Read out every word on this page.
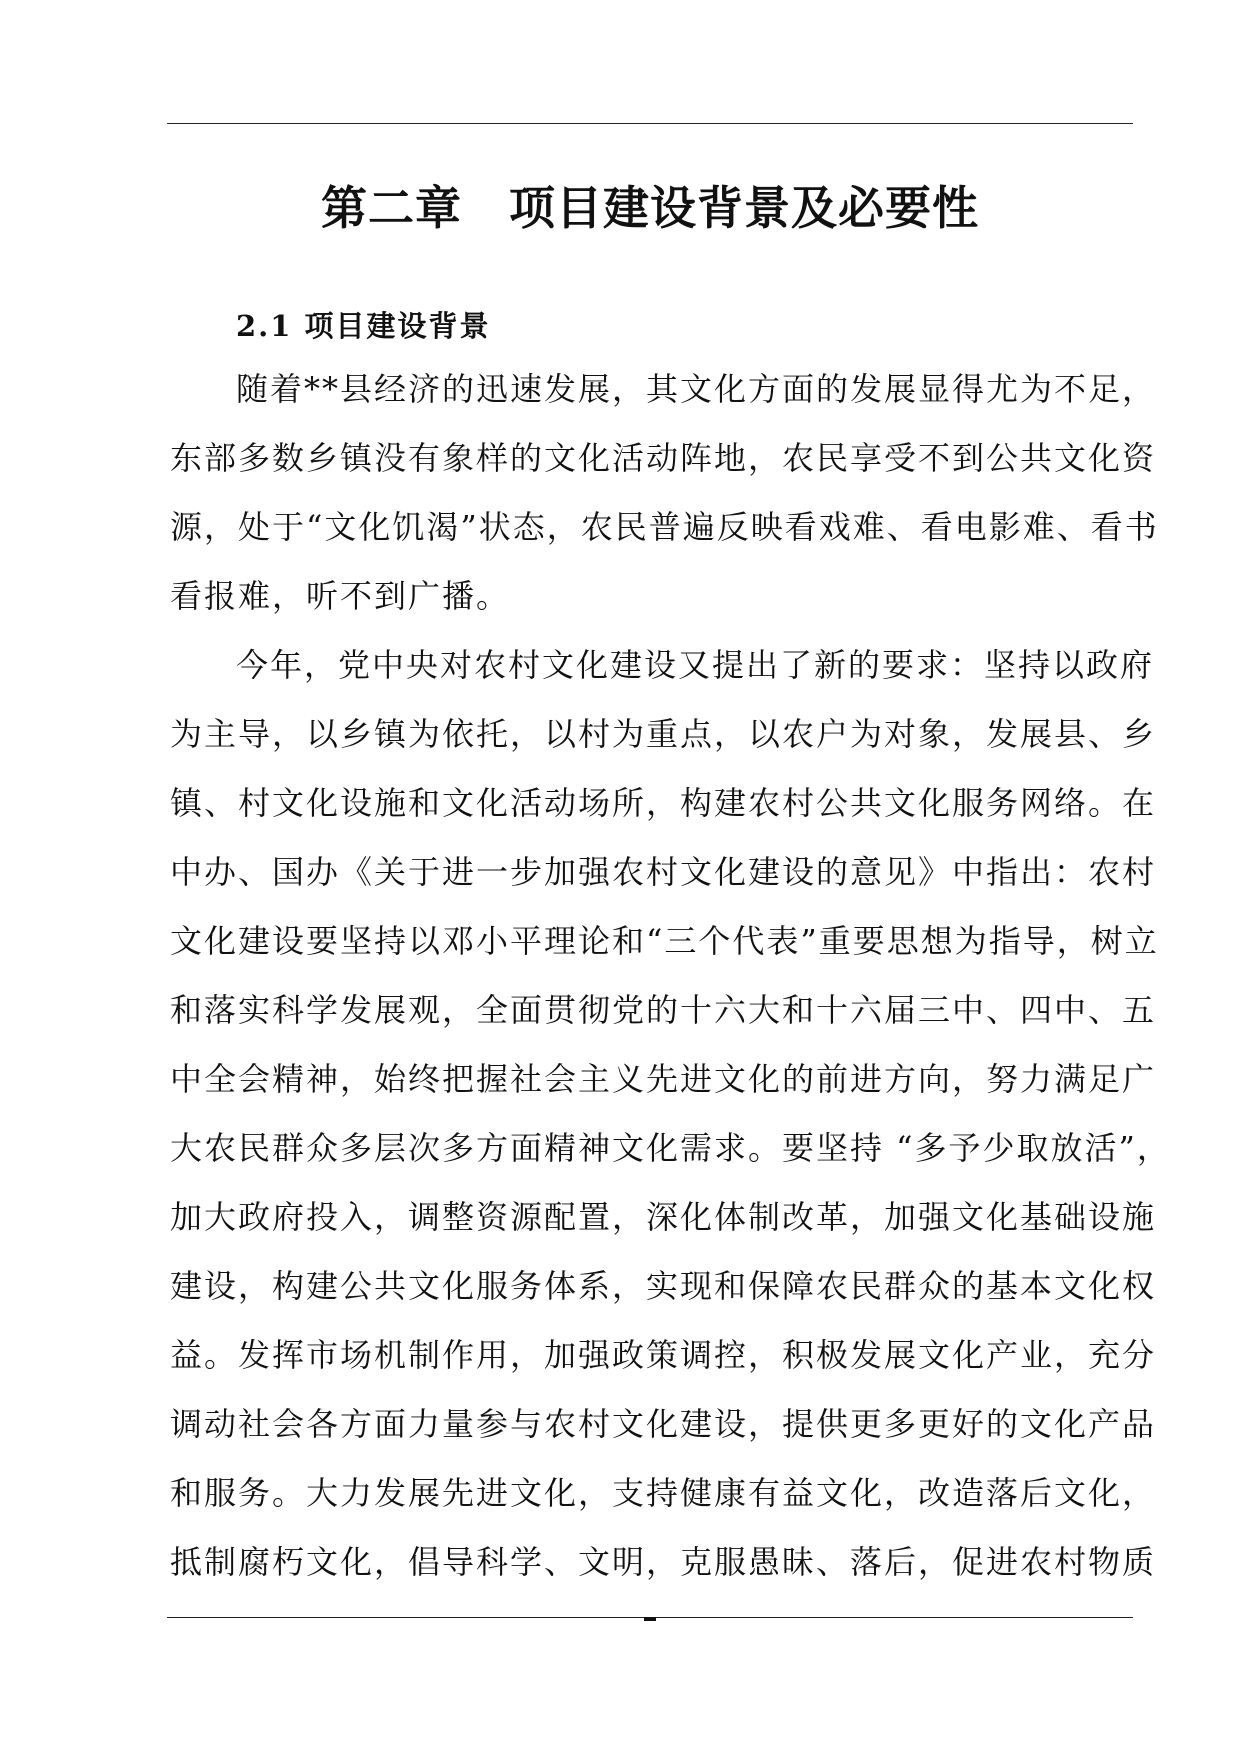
第二章　项目建设背景及必要性
2.1 项目建设背景
随着**县经济的迅速发展，其文化方面的发展显得尤为不足，
东部多数乡镇没有象样的文化活动阵地，农民享受不到公共文化资
源，处于“文化饥渴”状态，农民普遍反映看戏难、看电影难、看书
看报难，听不到广播。
今年，党中央对农村文化建设又提出了新的要求：坚持以政府
为主导，以乡镇为依托，以村为重点，以农户为对象，发展县、乡
镇、村文化设施和文化活动场所，构建农村公共文化服务网络。在
中办、国办《关于进一步加强农村文化建设的意见》中指出：农村
文化建设要坚持以邓小平理论和“三个代表”重要思想为指导，树立
和落实科学发展观，全面贯彻党的十六大和十六届三中、四中、五
中全会精神，始终把握社会主义先进文化的前进方向，努力满足广
大农民群众多层次多方面精神文化需求。要坚持 “多予少取放活”，
加大政府投入，调整资源配置，深化体制改革，加强文化基础设施
建设，构建公共文化服务体系，实现和保障农民群众的基本文化权
益。发挥市场机制作用，加强政策调控，积极发展文化产业，充分
调动社会各方面力量参与农村文化建设，提供更多更好的文化产品
和服务。大力发展先进文化，支持健康有益文化，改造落后文化，
抵制腐朽文化，倡导科学、文明，克服愚昧、落后，促进农村物质
